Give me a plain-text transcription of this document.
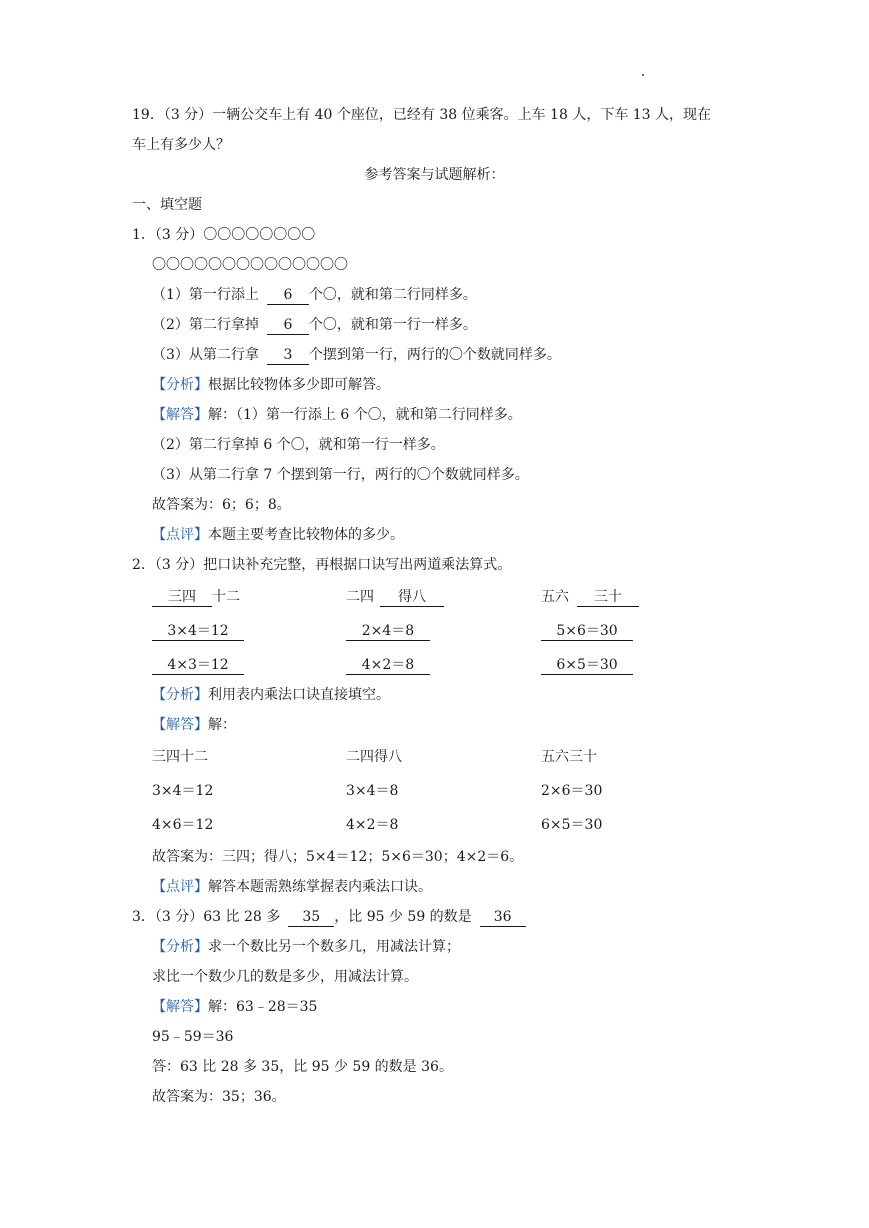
19．（3 分）一辆公交车上有 40 个座位，已经有 38 位乘客。上车 18 人，下车 13 人，现在
车上有多少人？
参考答案与试题解析：
一、填空题
1．（3 分）〇〇〇〇〇〇〇〇
〇〇〇〇〇〇〇〇〇〇〇〇〇〇
（1）第一行添上 6 个〇，就和第二行同样多。
（2）第二行拿掉 6 个〇，就和第一行一样多。
（3）从第二行拿 3 个摆到第一行，两行的〇个数就同样多。
【分析】根据比较物体多少即可解答。
【解答】解：（1）第一行添上 6 个〇，就和第二行同样多。
（2）第二行拿掉 6 个〇，就和第一行一样多。
（3）从第二行拿 7 个摆到第一行，两行的〇个数就同样多。
故答案为：6；6；8。
【点评】本题主要考查比较物体的多少。
2．（3 分）把口诀补充完整，再根据口诀写出两道乘法算式。
三四 十二	二四 得八	五六 三十
3×4＝12	2×4＝8	5×6＝30
4×3＝12	4×2＝8	6×5＝30
【分析】利用表内乘法口诀直接填空。
【解答】解：
三四十二	二四得八	五六三十
3×4＝12	3×4＝8	2×6＝30
4×6＝12	4×2＝8	6×5＝30
故答案为：三四；得八；5×4＝12；5×6＝30；4×2＝6。
【点评】解答本题需熟练掌握表内乘法口诀。
3．（3 分）63 比 28 多 35 ，比 95 少 59 的数是 36
【分析】求一个数比另一个数多几，用减法计算；
求比一个数少几的数是多少，用减法计算。
【解答】解：63﹣28＝35
95﹣59＝36
答：63 比 28 多 35，比 95 少 59 的数是 36。
故答案为：35；36。
